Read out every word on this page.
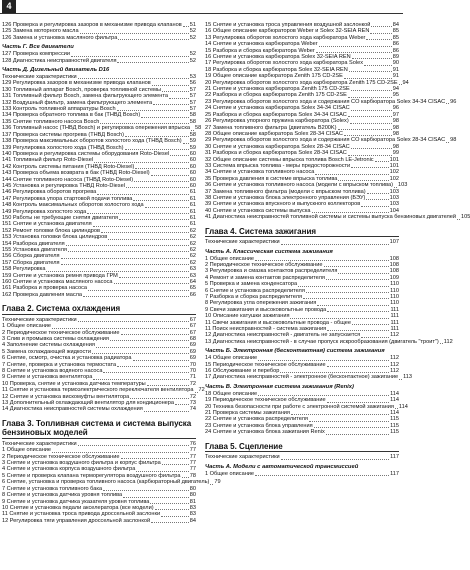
4
126 Проверка и регулировка зазоров в механизме привода клапанов 51
125 Замена моторного масла	52
126 Замена и установка масляного фильтра	52
Часть Г. Все двигатели
127 Проверка компрессии	52
128 Диагностика неисправностей двигателя	52
Часть Д. Дизельный двигатель D16
Технические характеристики	53
129 Регулировка зазоров в механизме привода клапанов	56
130 Топливный аппарат Bosch, проверка топливной системы	57
131 Топливный фильтр Bosch, замена фильтрующего элемента	57
132 Воздушный фильтр, замена фильтрующего элемента	57
133 Контроль топливной аппаратуры Bosch	57
134 Проверка обратного топлива в бак (ТНВД Bosch)	58
135 Снятие топливного насоса Bosch	58
136 Топливный насос (ТНВД Bosch) и регулировка опережения впрыска 58
137 Проверка системы прогрева (ТНВД Bosch)	58
138 Проверка максимальных оборотов холостого хода (ТНВД Bosch) 59
139 Регулировка холостого хода (ТНВД Bosch)	59
140 Проверка и регулировка системы оборудования Roto-Diesel	60
141 Топливный фильтр Roto-Diesel	60
142 Контроль системы питания (ТНВД Roto-Diesel)	60
143 Проверка объема возврата в бак (ТНВД Roto-Diesel)	60
144 Снятие топливного насоса (ТНВД Roto-Diesel)	60
145 Установка и регулировка ТНВД Roto-Diesel	60
146 Регулировка оборотов прогрева	61
147 Регулировка упора стартовой подачи топлива	61
148 Контроль максимальных оборотов холостого хода	61
149 Регулировка холостого хода	61
150 Работы не требующие снятия двигателя	61
151 Снятие и установка двигателя	61
152 Ремонт головки блока цилиндров	62
153 Установка головки блока цилиндров	62
154 Разборка двигателя	62
155 Установка двигателя	62
156 Сборка двигателя	62
157 Сборка двигателя	62
158 Регулировка	63
159 Снятие и установка ремня привода ГРМ	63
160 Снятие и установка масляного насоса	64
161 Разборка и проверка насоса	65
162 Проверка давления масла	66
Глава 2. Система охлаждения
Технические характеристики	67
1 Общее описание	67
2 Периодическое техническое обслуживание	67
3 Слив и промывка системы охлаждения	68
4 Заполнение системы охлаждения	69
5 Замена охлаждающей жидкости	69
6 Снятие, осмотр, очистка и установка радиатора	69
7 Снятие, проверка и установка термостата	70
8 Снятие и установка водяного насоса	70
9 Снятие и установка вентилятора	71
10 Проверка, снятие и установка датчика температуры	72
11 Снятие и установка термоэлектрического переключателя вентилятора 72
12 Снятие и установка вискомуфты вентилятора	72
13 Дополнительный охлаждающий вентилятор для кондиционера	73
14 Диагностика неисправностей системы охлаждения	74
Глава 3. Топливная система и система выпуска бензиновых моделей
Технические характеристики	76
1 Общее описание	77
2 Периодическое техническое обслуживание	77
3 Снятие и установка воздушного фильтра и корпус фильтра	77
4 Снятие и установка корпуса воздушного фильтра	77
5 Снятие и проверка клапана терморегулятора воздушного фильтра 78
6 Снятие, установка и проверка топливного насоса (карбюраторный двигатель) 79
7 Снятие и установка топливного бака	80
8 Снятие и установка датчика уровня топлива	80
9 Снятие и установка датчика указателя уровня топлива	81
10 Снятие и установка педали акселератора (все модели)	83
11 Снятие и установка троса привода дроссельной заслонки	83
12 Регулировка тяги управления дроссельной заслонкой	84
15 Снятие и установка троса управления воздушной заслонкой	84
16 Общее описание карбюраторов Weber и Solex 32-SEIA REN	85
13 Регулировка оборотов холостого хода карбюратора Weber	85
14 Снятие и установка карбюратора Weber	86
15 Разборка и сборка карбюратора Weber	86
16 Снятие и установка карбюратора Solex 32-SEIA REN	89
17 Регулировка оборотов холостого хода карбюратора Solex	90
18 Разборка и сборка карбюратора Solex 32-SEIA REN	91
19 Общее описание карбюратора Zenith 175 CD-2SE	91
20 Регулировка оборотов холостого хода карбюратора Zenith 175 CD-2SE 94
21 Снятие и установка карбюратора Zenith 175 CD-2SE	94
22 Разборка и сборка карбюратора Zenith 175 CD-2SE	95
23 Регулировка оборотов холостого хода и содержания CO карбюратора Solex 34-34 CISAC 96
24 Снятие и установка карбюратора Solex 34-34 CISAC	96
25 Разборка и сборка карбюратора Solex 34-34 CISAC	97
26 Регулировка упорного пружина карбюратора (Solex)	98
27 Замена топливного фильтра (двигатель B200K)	98
28 Общее описание карбюратора Solex 28-34 CISAC	98
29 Регулировка оборотов холостого хода и содержания CO карбюратора Solex 28-34 CISAC 98
30 Снятие и установка карбюратора Solex 28-34 CISAC	98
31 Разборка и сборка карбюратора Solex 28-34 CISAC	99
32 Общее описание системы впрыска топлива Bosch LE-Jetronic	101
33 Система впрыска топлива - меры предосторожности	101
34 Снятие и установка топливного насоса	102
35 Проверка давления в системе впрыска топлива	102
36 Снятие и установка топливного насоса (модели с впрыском топлива) 103
37 Замена топливного фильтра (модели с впрыском топлива)	103
38 Снятие и установка блока электронного управления (БЭУ)	103
39 Снятие и установка впускного и выпускного коллекторов	103
40 Снятие и установка системы выпуска	104
41 Диагностика неисправностей топливной системы и системы выпуска бензиновых двигателей 105
Глава 4. Система зажигания
Технические характеристики	107
Часть А. Классическая система зажигания
1 Общее описание	108
2 Периодическое техническое обслуживание	108
3 Регулировка и смазка контактов распределителя	108
4 Ремонт и замена контактов распределителя	109
5 Проверка и замена конденсатора	110
6 Снятие и установка распределителя	110
7 Разборка и сборка распределителя	110
8 Регулировка угла опережения зажигания	110
9 Свечи зажигания и высоковольтные провода	111
10 Описание катушки зажигания	111
11 Свечи зажигания и высоковольтные провода - общее	111
11 Поиск неисправностей - система зажигания	111
12 Диагностика неисправностей - двигатель не запускается	112
13 Диагностика неисправностей - в случае пропуск искрообразования (двигатель "троит") 112
Часть Б. Электронная (бесконтактная) система зажигания
14 Общее описание	112
15 Периодическое техническое обслуживание	112
16 Обслуживание и перебор	112
17 Диагностика неисправностей - электронное (бесконтактное) зажигание 113
Часть В. Электронная система зажигания (Renix)
18 Общее описание	114
19 Периодическое техническое обслуживание	114
20 Техника безопасности при работе с электронной системой зажигания 114
21 Проверка системы зажигания	114
22 Снятие и установка распределителя	115
23 Снятие и установка блока управления	115
24 Снятие и установка блока зажигания Renix	115
Глава 5. Сцепление
Технические характеристики	117
Часть А. Модели с автоматической трансмиссией
1 Общее описание	117
